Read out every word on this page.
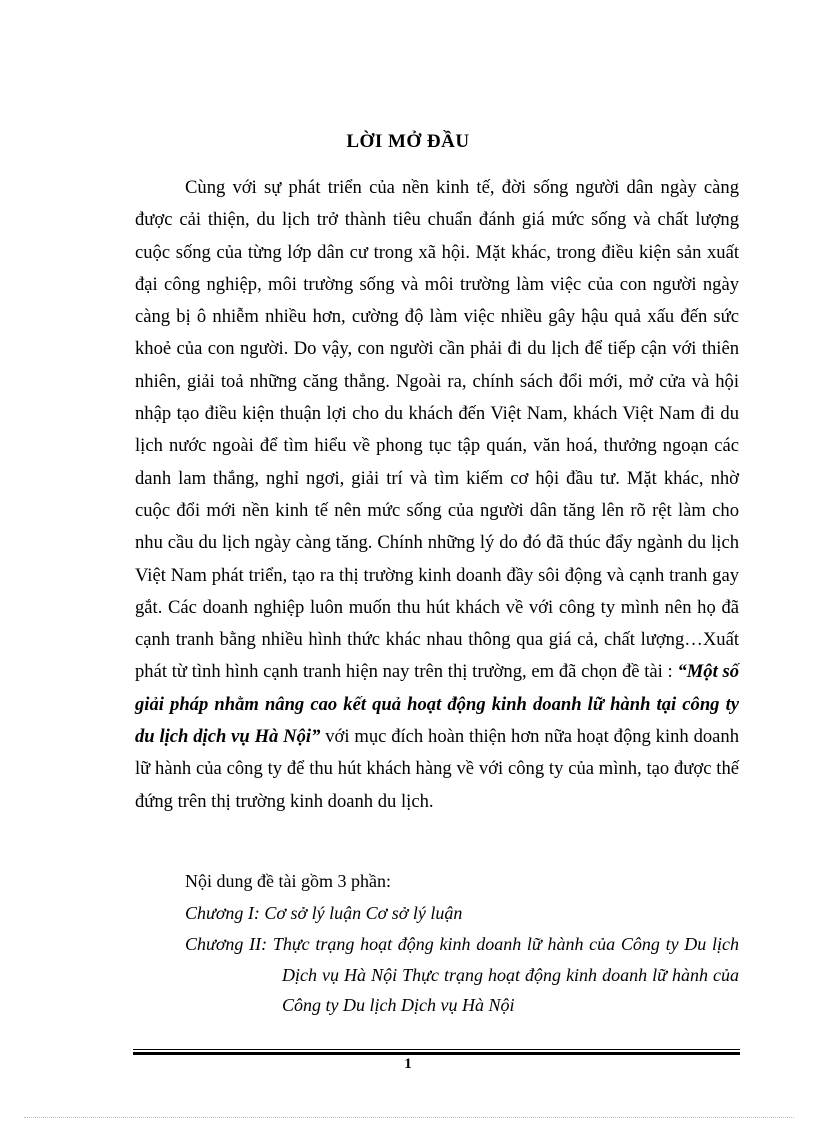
LỜI MỞ ĐẦU

Cùng với sự phát triển của nền kinh tế, đời sống người dân ngày càng được cải thiện, du lịch trở thành tiêu chuẩn đánh giá mức sống và chất lượng cuộc sống của từng lớp dân cư trong xã hội. Mặt khác, trong điều kiện sản xuất đại công nghiệp, môi trường sống và môi trường làm việc của con người ngày càng bị ô nhiễm nhiều hơn, cường độ làm việc nhiều gây hậu quả xấu đến sức khoẻ của con người. Do vậy, con người cần phải đi du lịch để tiếp cận với thiên nhiên, giải toả những căng thẳng. Ngoài ra, chính sách đổi mới, mở cửa và hội nhập tạo điều kiện thuận lợi cho du khách đến Việt Nam, khách Việt Nam đi du lịch nước ngoài để tìm hiểu về phong tục tập quán, văn hoá, thưởng ngoạn các danh lam thắng, nghỉ ngơi, giải trí và tìm kiếm cơ hội đầu tư. Mặt khác, nhờ cuộc đổi mới nền kinh tế nên mức sống của người dân tăng lên rõ rệt làm cho nhu cầu du lịch ngày càng tăng. Chính những lý do đó đã thúc đẩy ngành du lịch Việt Nam phát triển, tạo ra thị trường kinh doanh đầy sôi động và cạnh tranh gay gắt. Các doanh nghiệp luôn muốn thu hút khách về với công ty mình nên họ đã cạnh tranh bằng nhiều hình thức khác nhau thông qua giá cả, chất lượng…Xuất phát từ tình hình cạnh tranh hiện nay trên thị trường, em đã chọn đề tài : “Một số giải pháp nhằm nâng cao kết quả hoạt động kinh doanh lữ hành tại công ty du lịch dịch vụ Hà Nội” với mục đích hoàn thiện hơn nữa hoạt động kinh doanh lữ hành của công ty để thu hút khách hàng về với công ty của mình, tạo được thế đứng trên thị trường kinh doanh du lịch.

Nội dung đề tài gồm 3 phần:

Chương I: Cơ sở lý luận Cơ sở lý luận

Chương II: Thực trạng hoạt động kinh doanh lữ hành của Công ty Du lịch Dịch vụ Hà Nội Thực trạng hoạt động kinh doanh lữ hành của Công ty Du lịch Dịch vụ Hà Nội

1
